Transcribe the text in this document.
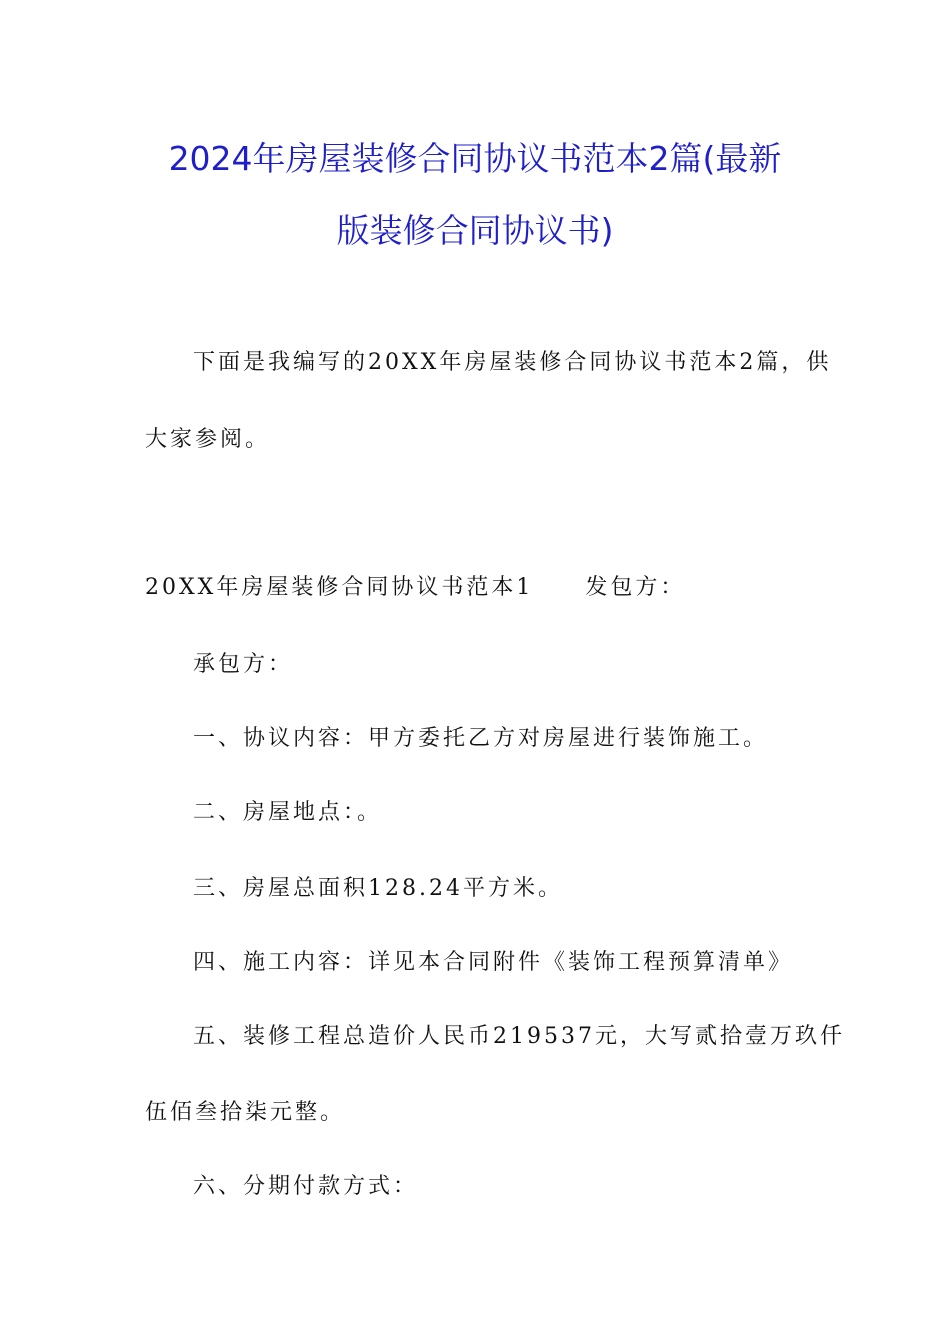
2024年房屋装修合同协议书范本2篇(最新
版装修合同协议书)
下面是我编写的20XX年房屋装修合同协议书范本2篇，供
大家参阅。
20XX年房屋装修合同协议书范本1 发包方：
承包方：
一、协议内容：甲方委托乙方对房屋进行装饰施工。
二、房屋地点：。
三、房屋总面积128.24平方米。
四、施工内容：详见本合同附件《装饰工程预算清单》
五、装修工程总造价人民币219537元，大写贰拾壹万玖仟
伍佰叁拾柒元整。
六、分期付款方式：
